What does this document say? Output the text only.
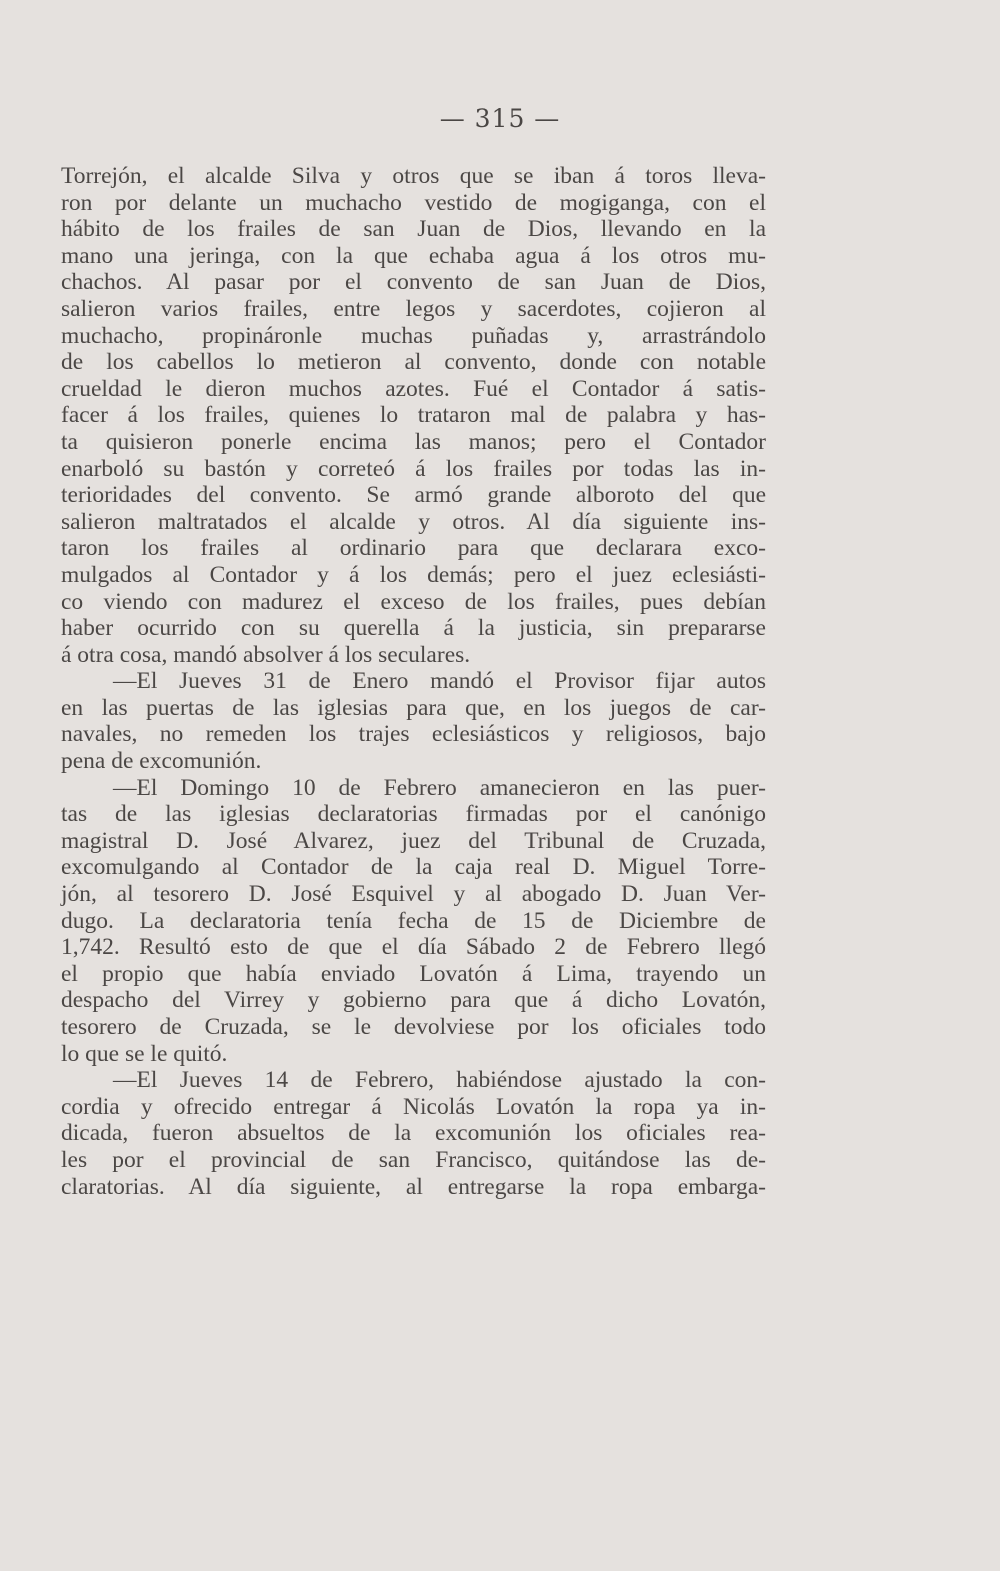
— 315 —
Torrejón, el alcalde Silva y otros que se iban á toros lleva-
ron por delante un muchacho vestido de mogiganga, con el
hábito de los frailes de san Juan de Dios, llevando en la
mano una jeringa, con la que echaba agua á los otros mu-
chachos. Al pasar por el convento de san Juan de Dios,
salieron varios frailes, entre legos y sacerdotes, cojieron al
muchacho, propináronle muchas puñadas y, arrastrándolo
de los cabellos lo metieron al convento, donde con notable
crueldad le dieron muchos azotes. Fué el Contador á satis-
facer á los frailes, quienes lo trataron mal de palabra y has-
ta quisieron ponerle encima las manos; pero el Contador
enarboló su bastón y correteó á los frailes por todas las in-
terioridades del convento. Se armó grande alboroto del que
salieron maltratados el alcalde y otros. Al día siguiente ins-
taron los frailes al ordinario para que declarara exco-
mulgados al Contador y á los demás; pero el juez eclesiásti-
co viendo con madurez el exceso de los frailes, pues debían
haber ocurrido con su querella á la justicia, sin prepararse
á otra cosa, mandó absolver á los seculares.
—El Jueves 31 de Enero mandó el Provisor fijar autos
en las puertas de las iglesias para que, en los juegos de car-
navales, no remeden los trajes eclesiásticos y religiosos, bajo
pena de excomunión.
—El Domingo 10 de Febrero amanecieron en las puer-
tas de las iglesias declaratorias firmadas por el canónigo
magistral D. José Alvarez, juez del Tribunal de Cruzada,
excomulgando al Contador de la caja real D. Miguel Torre-
jón, al tesorero D. José Esquivel y al abogado D. Juan Ver-
dugo. La declaratoria tenía fecha de 15 de Diciembre de
1,742. Resultó esto de que el día Sábado 2 de Febrero llegó
el propio que había enviado Lovatón á Lima, trayendo un
despacho del Virrey y gobierno para que á dicho Lovatón,
tesorero de Cruzada, se le devolviese por los oficiales todo
lo que se le quitó.
—El Jueves 14 de Febrero, habiéndose ajustado la con-
cordia y ofrecido entregar á Nicolás Lovatón la ropa ya in-
dicada, fueron absueltos de la excomunión los oficiales rea-
les por el provincial de san Francisco, quitándose las de-
claratorias. Al día siguiente, al entregarse la ropa embarga-
